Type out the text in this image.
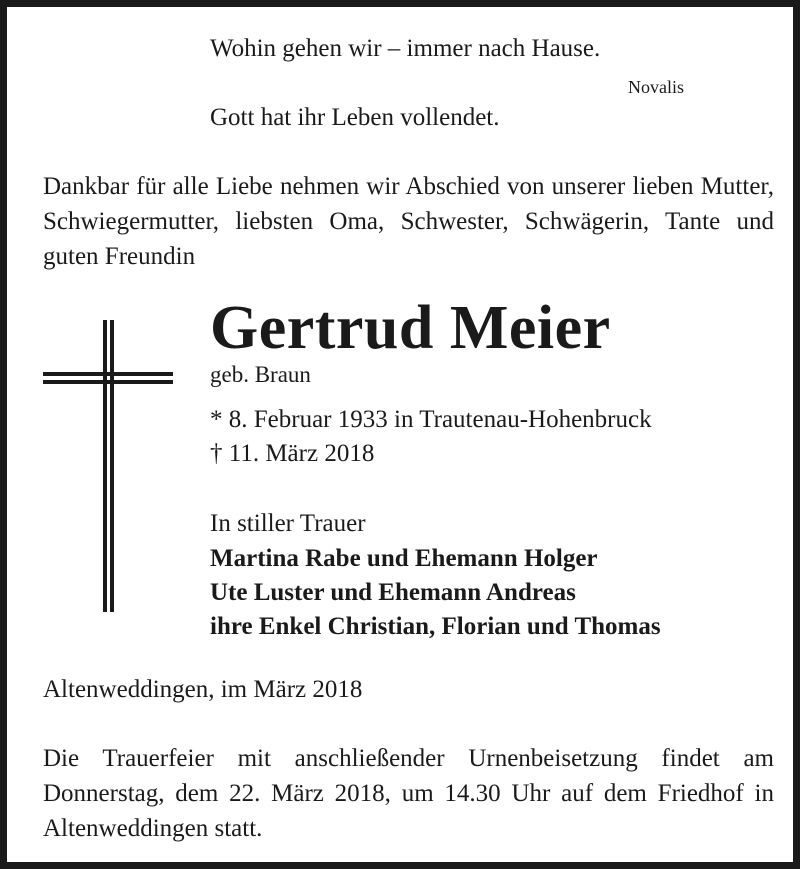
Wohin gehen wir – immer nach Hause.

Novalis

Gott hat ihr Leben vollendet.

Dankbar für alle Liebe nehmen wir Abschied von unserer lieben Mutter, Schwiegermutter, liebsten Oma, Schwester, Schwägerin, Tante und guten Freundin

Gertrud Meier

geb. Braun

* 8. Februar 1933 in Trautenau-Hohenbruck

† 11. März 2018

In stiller Trauer

Martina Rabe und Ehemann Holger
Ute Luster und Ehemann Andreas
ihre Enkel Christian, Florian und Thomas

Altenweddingen, im März 2018

Die Trauerfeier mit anschließender Urnenbeisetzung findet am Donnerstag, dem 22. März 2018, um 14.30 Uhr auf dem Friedhof in Altenweddingen statt.
